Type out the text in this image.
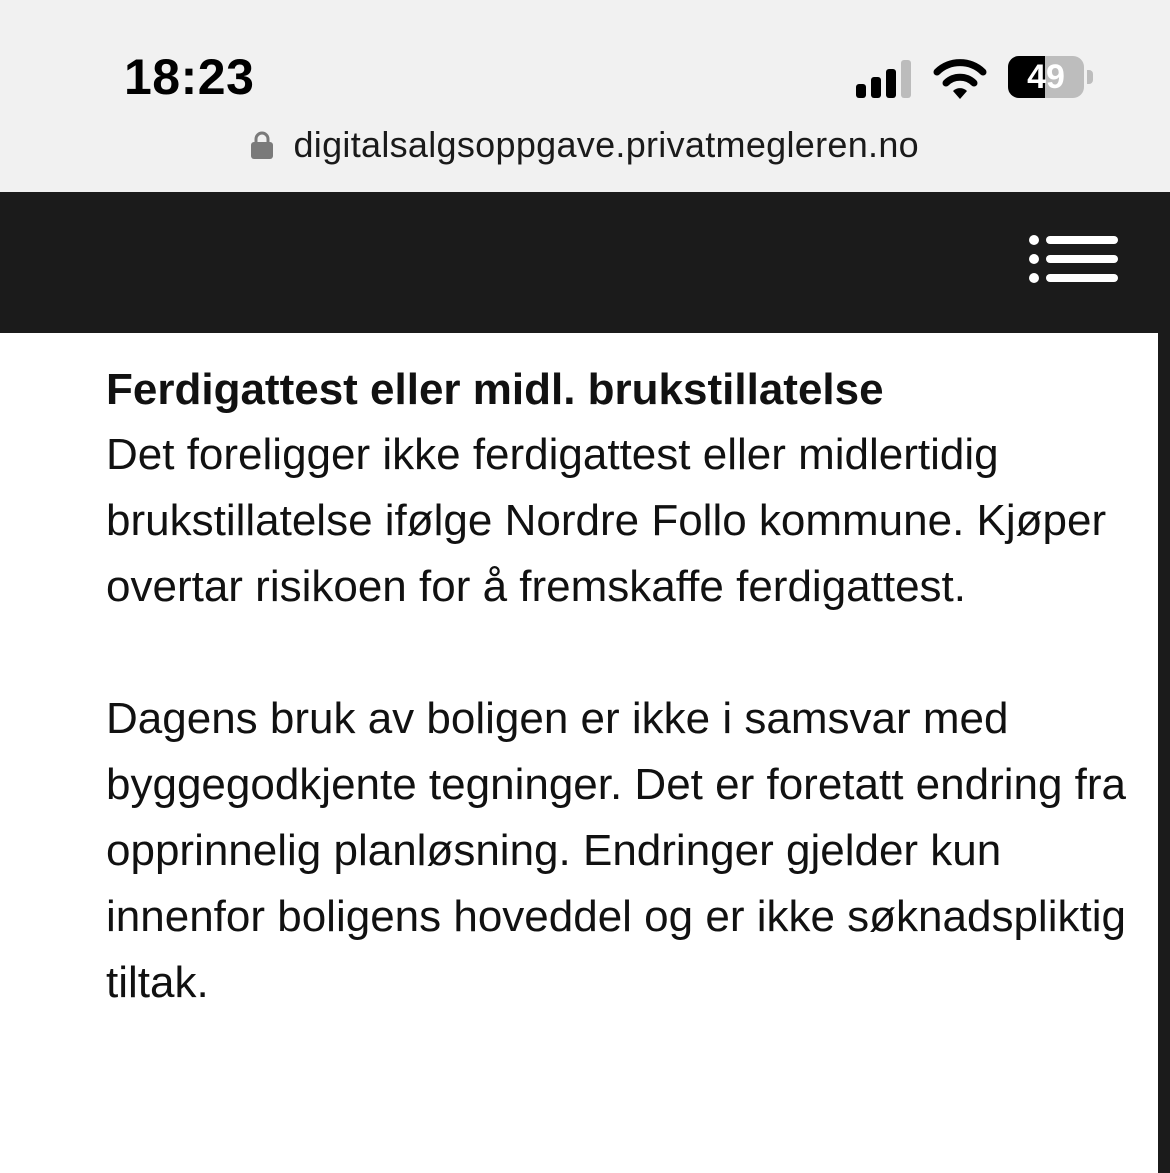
18:23	49
digitalsalgsoppgave.privatmegleren.no
Ferdigattest eller midl. brukstillatelse

Det foreligger ikke ferdigattest eller midlertidig brukstillatelse ifølge Nordre Follo kommune. Kjøper overtar risikoen for å fremskaffe ferdigattest.

Dagens bruk av boligen er ikke i samsvar med byggegodkjente tegninger. Det er foretatt endring fra opprinnelig planløsning. Endringer gjelder kun innenfor boligens hoveddel og er ikke søknadspliktig tiltak.
